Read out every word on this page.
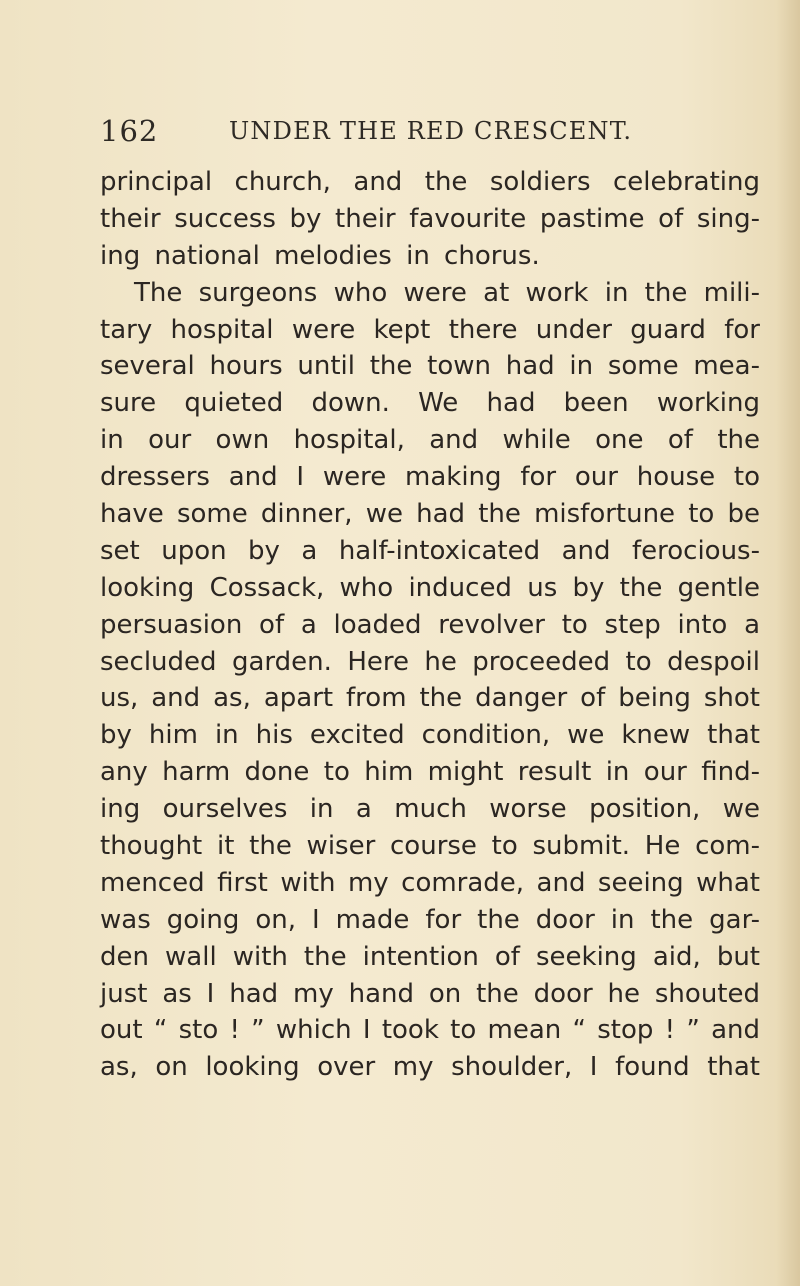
162	UNDER THE RED CRESCENT.
principal church, and the soldiers celebrating
their success by their favourite pastime of sing-
ing national melodies in chorus.
The surgeons who were at work in the mili-
tary hospital were kept there under guard for
several hours until the town had in some mea-
sure quieted down. We had been working
in our own hospital, and while one of the
dressers and I were making for our house to
have some dinner, we had the misfortune to be
set upon by a half-intoxicated and ferocious-
looking Cossack, who induced us by the gentle
persuasion of a loaded revolver to step into a
secluded garden. Here he proceeded to despoil
us, and as, apart from the danger of being shot
by him in his excited condition, we knew that
any harm done to him might result in our find-
ing ourselves in a much worse position, we
thought it the wiser course to submit. He com-
menced first with my comrade, and seeing what
was going on, I made for the door in the gar-
den wall with the intention of seeking aid, but
just as I had my hand on the door he shouted
out “ sto ! ” which I took to mean “ stop ! ” and
as, on looking over my shoulder, I found that
